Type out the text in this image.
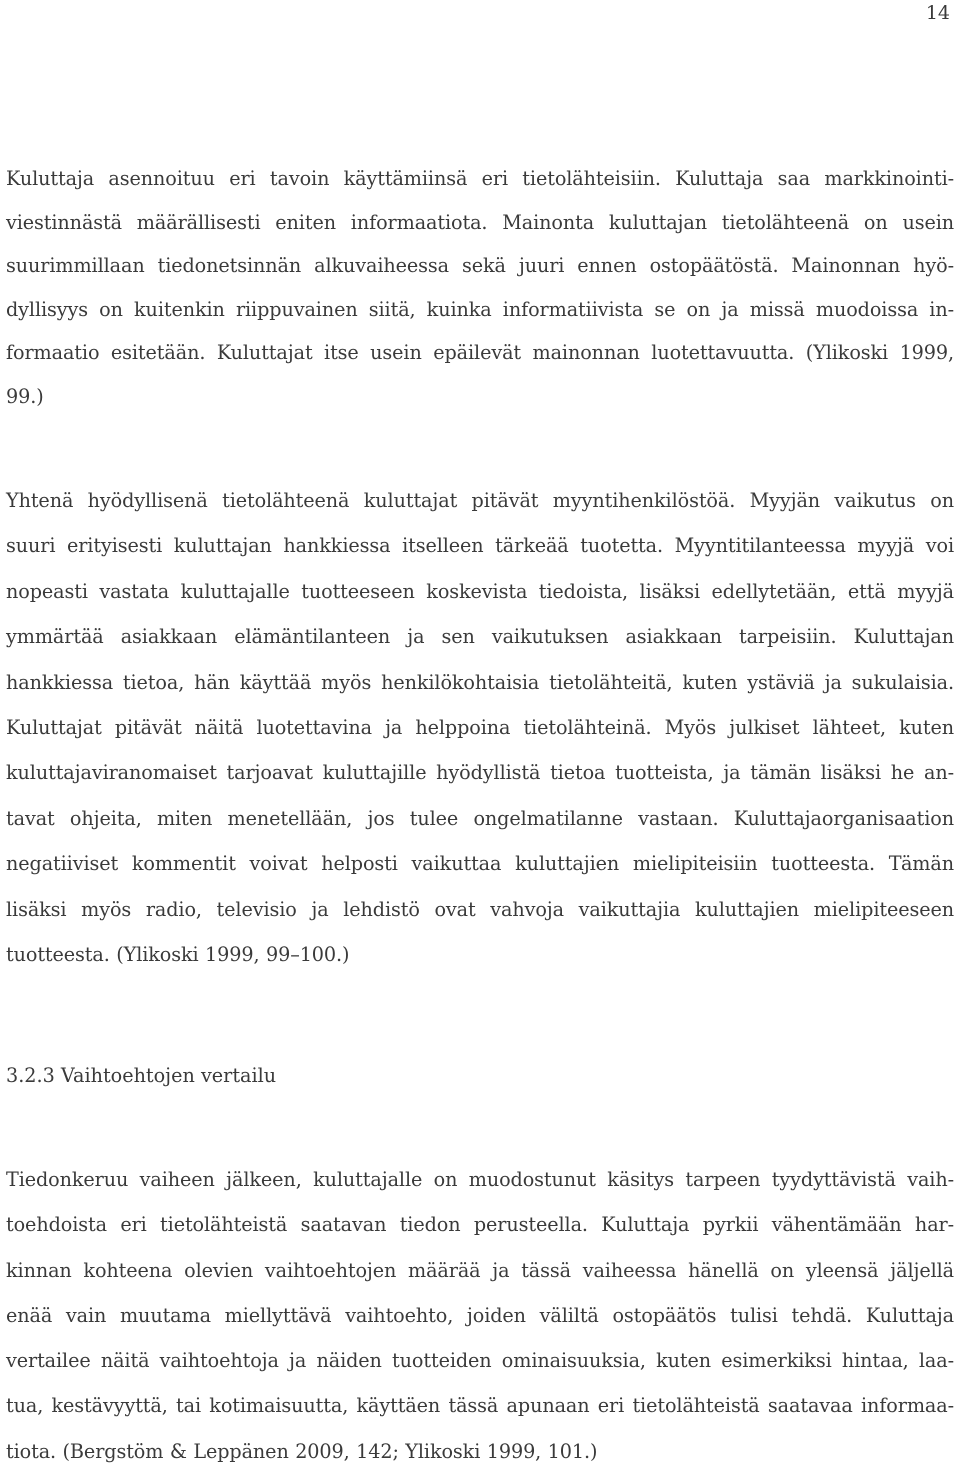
14

Kuluttaja asennoituu eri tavoin käyttämiinsä eri tietolähteisiin. Kuluttaja saa markkinointi-
viestinnästä määrällisesti eniten informaatiota. Mainonta kuluttajan tietolähteenä on usein
suurimmillaan tiedonetsinnän alkuvaiheessa sekä juuri ennen ostopäätöstä. Mainonnan hyö-
dyllisyys on kuitenkin riippuvainen siitä, kuinka informatiivista se on ja missä muodoissa in-
formaatio esitetään. Kuluttajat itse usein epäilevät mainonnan luotettavuutta. (Ylikoski 1999,
99.)

Yhtenä hyödyllisenä tietolähteenä kuluttajat pitävät myyntihenkilöstöä. Myyjän vaikutus on
suuri erityisesti kuluttajan hankkiessa itselleen tärkeää tuotetta. Myyntitilanteessa myyjä voi
nopeasti vastata kuluttajalle tuotteeseen koskevista tiedoista, lisäksi edellytetään, että myyjä
ymmärtää asiakkaan elämäntilanteen ja sen vaikutuksen asiakkaan tarpeisiin. Kuluttajan
hankkiessa tietoa, hän käyttää myös henkilökohtaisia tietolähteitä, kuten ystäviä ja sukulaisia.
Kuluttajat pitävät näitä luotettavina ja helppoina tietolähteinä. Myös julkiset lähteet, kuten
kuluttajaviranomaiset tarjoavat kuluttajille hyödyllistä tietoa tuotteista, ja tämän lisäksi he an-
tavat ohjeita, miten menetellään, jos tulee ongelmatilanne vastaan. Kuluttajaorganisaation
negatiiviset kommentit voivat helposti vaikuttaa kuluttajien mielipiteisiin tuotteesta. Tämän
lisäksi myös radio, televisio ja lehdistö ovat vahvoja vaikuttajia kuluttajien mielipiteeseen
tuotteesta. (Ylikoski 1999, 99–100.)

3.2.3 Vaihtoehtojen vertailu

Tiedonkeruu vaiheen jälkeen, kuluttajalle on muodostunut käsitys tarpeen tyydyttävistä vaih-
toehdoista eri tietolähteistä saatavan tiedon perusteella. Kuluttaja pyrkii vähentämään har-
kinnan kohteena olevien vaihtoehtojen määrää ja tässä vaiheessa hänellä on yleensä jäljellä
enää vain muutama miellyttävä vaihtoehto, joiden väliltä ostopäätös tulisi tehdä. Kuluttaja
vertailee näitä vaihtoehtoja ja näiden tuotteiden ominaisuuksia, kuten esimerkiksi hintaa, laa-
tua, kestävyyttä, tai kotimaisuutta, käyttäen tässä apunaan eri tietolähteistä saatavaa informaa-
tiota. (Bergstöm & Leppänen 2009, 142; Ylikoski 1999, 101.)
